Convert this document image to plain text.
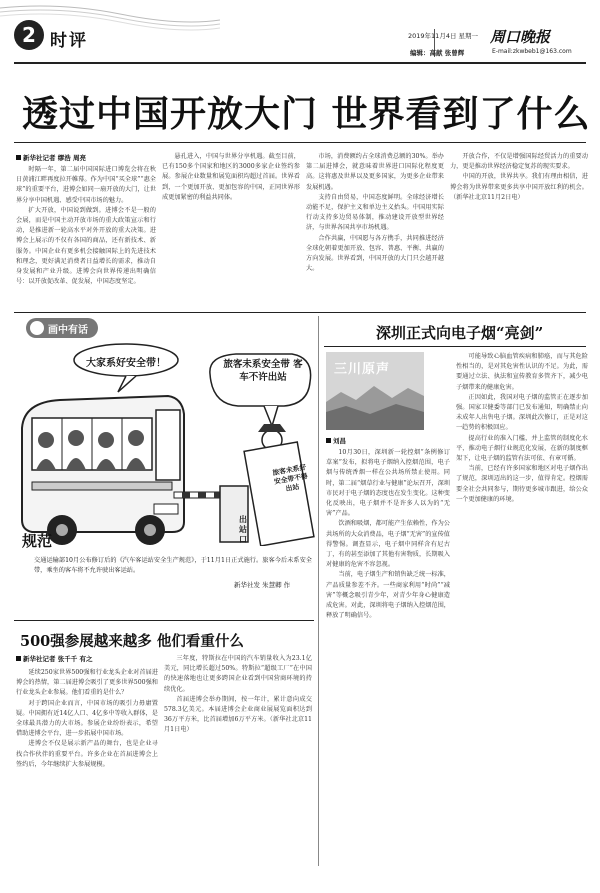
2 时评	2019年11月4日 星期一 周口晚报
编辑：高献 张曾辉	E-mail:zkwbeb1@163.com
透过中国开放大门 世界看到了什么
新华社记者 缪浩 周亮

时隔一年，第二届中国国际进口博览会将在秋日黄浦江畔再度拉开帷幕。作为中国“买全球”“惠全球”的重要平台，进博会如同一扇开放的大门，让世界分享中国机遇、感受中国市场的魅力。

扩大开放，中国说到做到。进博会不是一般的会展，而是中国主动开放市场的重大政策宣示和行动，是推进新一轮高水平对外开放的重大决策。进博会上展示的不仅有各国的商品，还有新技术、新服务。中国企业有更多机会接触国际上的先进技术和理念，更好满足消费者日益增长的需求，推动自身发展和产业升级。进博会向世界传递出明确信号：以开放促改革、促发展，中国态度坚定。

悬孔进入，中国与世界分享机遇。截至目前，已有150多个国家和地区的3000多家企业签约参展。参展企业数量和展览面积均超过首届。世界看到，一个更加开放、更加包容的中国，正同世界形成更加紧密的利益共同体。

市场，消费额约占全球消费总额的30%。举办第二届进博会，就意味着世界进口国际化程度更高。这将惠及世界以及更多国家，为更多企业带来发展机遇。

支持自由贸易，中国态度鲜明。全球经济增长动能不足，保护主义和单边主义抬头。中国用实际行动支持多边贸易体制，推动建设开放型世界经济，与世界各国共享市场机遇。

合作共赢，中国愿与各方携手，共同推进经济全球化朝着更加开放、包容、普惠、平衡、共赢的方向发展。世界看到，中国开放的大门只会越开越大。

开放合作，不仅是增强国际经贸活力的重要动力，更是推动世界经济稳定复苏的现实要求。

中国的开放，世界共享。我们有理由相信，进博会将为世界带来更多共享中国开放红利的机会。（新华社北京11月2日电）

画中有话
大家系好安全带！	旅客未系安全带 客车不许出站
旅客未系好安全带不得出站
出站口
规范
交通运输部10月公布修订后的《汽车客运站安全生产规范》，于11月1日正式施行。旅客今后未系安全带，乘坐的客车将不允许驶出客运站。
新华社发 朱慧卿 作
500强参展越来越多 他们看重什么
新华社记者 张千千 有之

延续250家世界500强和行业龙头企业对首届进博会的热情，第二届进博会吸引了更多世界500强和行业龙头企业参展。他们看重的是什么？

对于跨国企业而言，中国市场的吸引力毋庸置疑。中国拥有近14亿人口、4亿多中等收入群体，是全球最具潜力的大市场。参展企业纷纷表示，希望借助进博会平台，进一步拓展中国市场。

进博会不仅是展示新产品的舞台，也是企业寻找合作伙伴的重要平台。许多企业在首届进博会上签约后，今年继续扩大参展规模。

三年度，特斯拉在中国的汽车销量收入为23.1亿美元，同比增长超过50%。特斯拉“超级工厂”在中国的快速落地也让更多跨国企业看到中国营商环境的持续优化。

首届进博会举办期间，按一年计，累计意向成交578.3亿美元。本届进博会企业商业展展览面积达到36万平方米，比首届增加6万平方米。（新华社北京11月1日电）

深圳正式向电子烟“亮剑”
三川原声
刘昌

10月30日，深圳新一轮控烟“条例修订草案”发布，拟将电子烟纳入控烟范围，电子烟与传统香烟一样在公共场所禁止使用。同时，第二届“烟草行业与健康”论坛召开，深圳市民对于电子烟的态度也在发生变化。这种变化反映出，电子烟并不是许多人以为的“无害”产品。

饮酒和吸烟，都可能产生依赖性，作为公共场所的大众消费品，电子烟“无害”的宣传值得警惕。调查显示，电子烟中同样含有尼古丁，有的甚至添加了其他有害物质，长期吸入对健康的危害不容忽视。

当前，电子烟生产和销售缺乏统一标准，产品质量参差不齐。一些商家利用“时尚”“减害”等概念吸引青少年，对青少年身心健康造成危害。对此，深圳将电子烟纳入控烟范围，释放了明确信号。

可能导致心脑血管疾病和肺癌，而与其危险性相当的，是对其危害性认识的不足。为此，需要通过立法、执法和宣传教育多管齐下，减少电子烟带来的健康危害。

正因如此，我国对电子烟的监管正在逐步加强。国家卫健委等部门已发布通知，明确禁止向未成年人出售电子烟。深圳此次修订，正是对这一趋势的积极回应。

提高行业的准入门槛，并上监管的制度化水平，推动电子烟行业规范化发展，在新的制度框架下，让电子烟的监管有法可依、有章可循。

当前，已经有许多国家和地区对电子烟作出了规范，深圳迈出的这一步，值得肯定。控烟需要全社会共同参与，期待更多城市跟进，给公众一个更加健康的环境。
